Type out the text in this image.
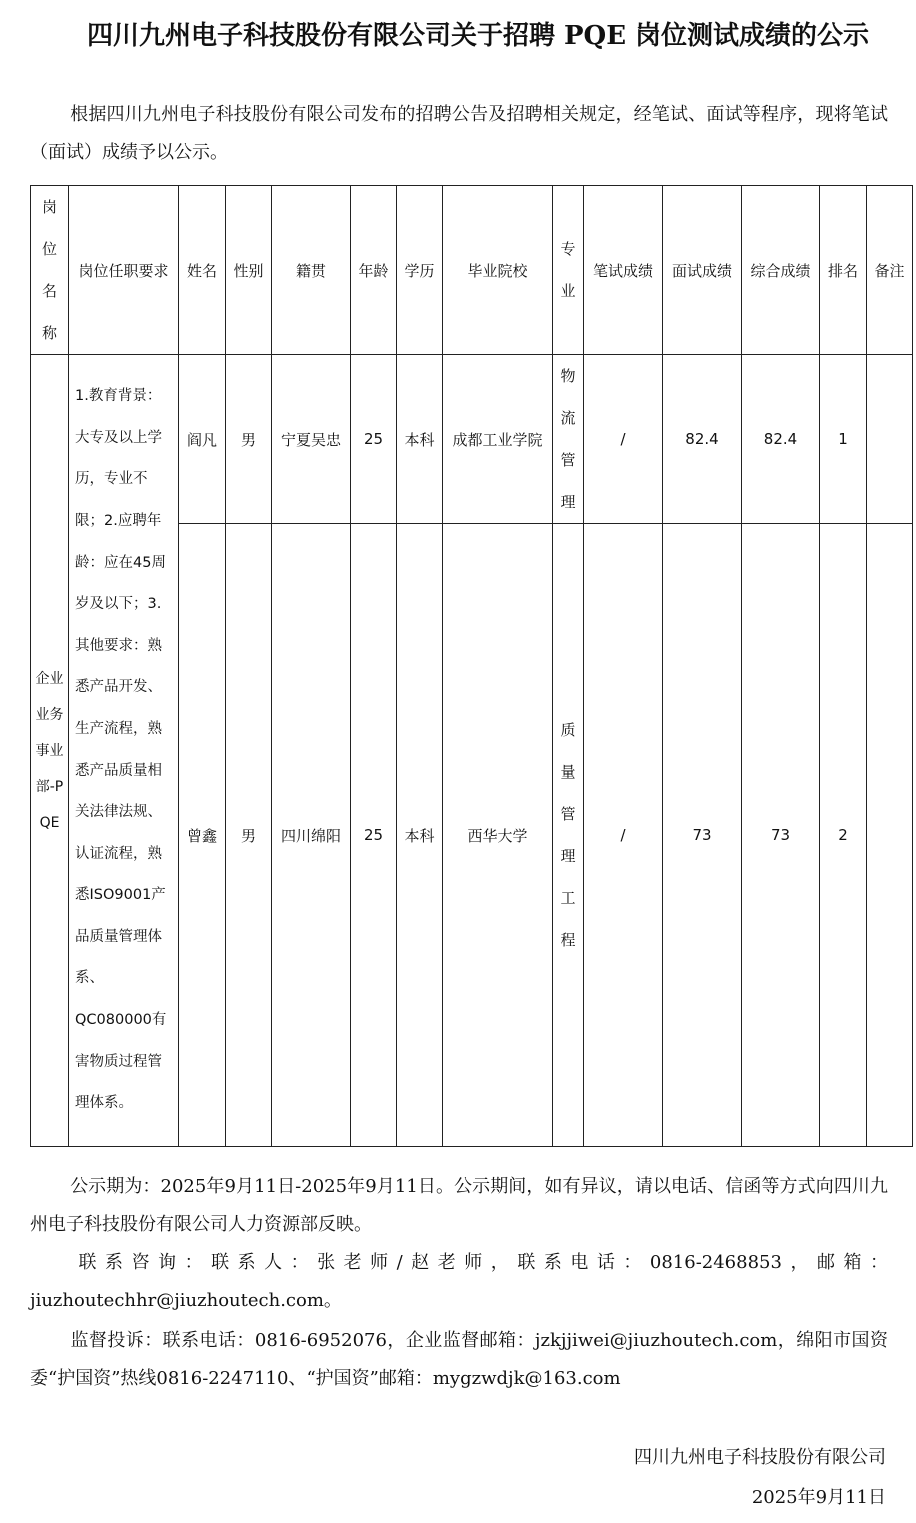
四川九州电子科技股份有限公司关于招聘 PQE 岗位测试成绩的公示
根据四川九州电子科技股份有限公司发布的招聘公告及招聘相关规定，经笔试、面试等程序，现将笔试（面试）成绩予以公示。
岗位名称	岗位任职要求	姓名	性别	籍贯	年龄	学历	毕业院校	专业	笔试成绩	面试成绩	综合成绩	排名	备注

企业业务事业部-PQE	1.教育背景：大专及以上学历，专业不限；2.应聘年龄：应在45周岁及以下；3.其他要求：熟悉产品开发、生产流程，熟悉产品质量相关法律法规、认证流程，熟悉ISO9001产品质量管理体系、QC080000有害物质过程管理体系。	阎凡	男	宁夏吴忠	25	本科	成都工业学院	物流管理	/	82.4	82.4	1	
		曾鑫	男	四川绵阳	25	本科	西华大学	质量管理工程	/	73	73	2	
公示期为：2025年9月11日-2025年9月11日。公示期间，如有异议，请以电话、信函等方式向四川九州电子科技股份有限公司人力资源部反映。
联系咨询：联系人：张老师/赵老师，联系电话：0816-2468853，邮箱：jiuzhoutechhr@jiuzhoutech.com。
监督投诉：联系电话：0816-6952076，企业监督邮箱：jzkjjiwei@jiuzhoutech.com，绵阳市国资委“护国资”热线0816-2247110、“护国资”邮箱：mygzwdjk@163.com
四川九州电子科技股份有限公司
2025年9月11日
